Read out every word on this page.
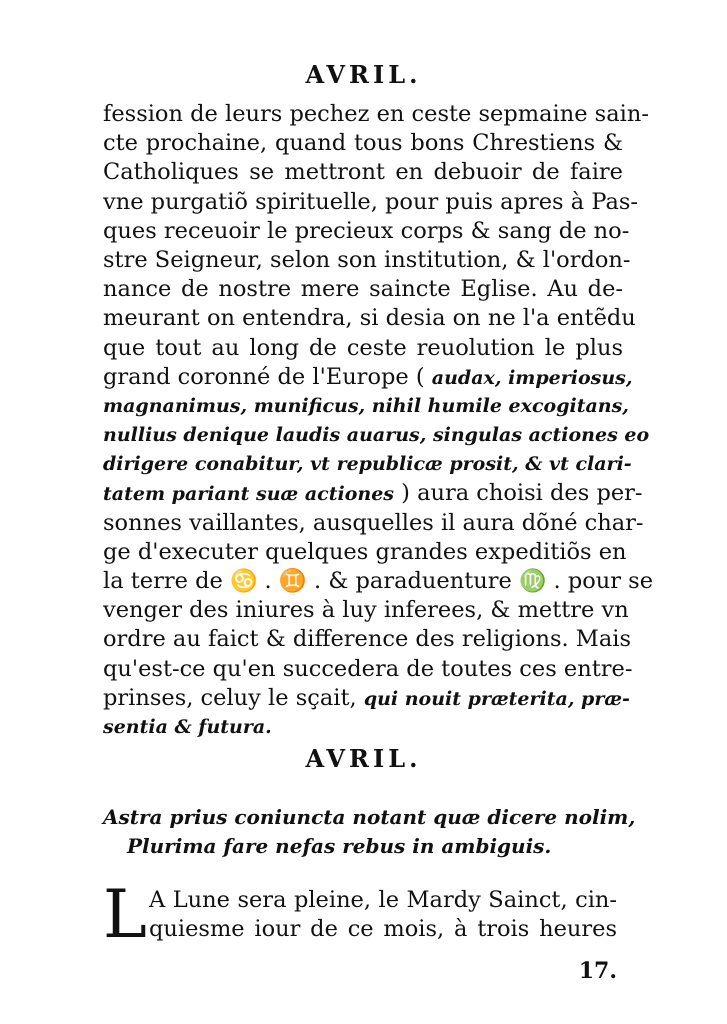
AVRIL.
fession de leurs pechez en ceste sepmaine sain-
cte prochaine, quand tous bons Chrestiens &
Catholiques se mettront en debuoir de faire
vne purgatiõ spirituelle, pour puis apres à Pas-
ques receuoir le precieux corps & sang de no-
stre Seigneur, selon son institution, & l'ordon-
nance de nostre mere saincte Eglise. Au de-
meurant on entendra, si desia on ne l'a entẽdu
que tout au long de ceste reuolution le plus
grand coronné de l'Europe ( audax, imperiosus,
magnanimus, munificus, nihil humile excogitans,
nullius denique laudis auarus, singulas actiones eo
dirigere conabitur, vt republicæ prosit, & vt clari-
tatem pariant suæ actiones ) aura choisi des per-
sonnes vaillantes, ausquelles il aura dõné char-
ge d'executer quelques grandes expeditiõs en
la terre de ♋ . ♊ . & paraduenture ♍ . pour se
venger des iniures à luy inferees, & mettre vn
ordre au faict & difference des religions. Mais
qu'est-ce qu'en succedera de toutes ces entre-
prinses, celuy le sçait, qui nouit præterita, præ-
sentia & futura.
AVRIL.
Astra prius coniuncta notant quæ dicere nolim,
Plurima fare nefas rebus in ambiguis.
L A Lune sera pleine, le Mardy Sainct, cin-
quiesme iour de ce mois, à trois heures
17.
